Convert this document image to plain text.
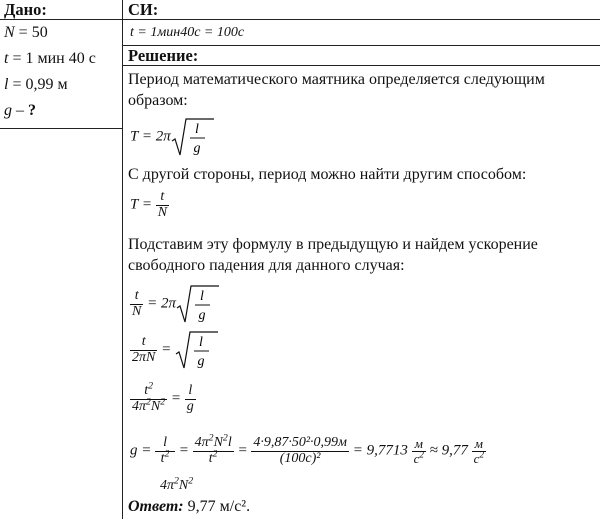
Дано:
N = 50
t = 1 мин 40 с
l = 0,99 м
g – ?
СИ:
t = 1мин40с = 100с
Решение:
Период математического маятника определяется следующим
образом:
T = 2π l
g
С другой стороны, период можно найти другим способом:
$T = \frac{t}{N}$
Подставим эту формулу в предыдущую и найдем ускорение
свободного падения для данного случая:
$\frac{t}{N} = 2\pi$ l
g
$\frac{t}{2\pi N} = l$
g
$\frac{t^2}{4\pi^2N^2} = \frac{l}{g}$
$g = \frac{l}{t^2} = \frac{4\pi^2N^2l}{t^2} = \frac{\text{4·9,87·50²·0,99м}}{\text{(100с)²}} = 9,7713 \frac{м}{с^2} \approx 9,77 \frac{м}{с^2}$
$4\pi^2N^2$
Ответ: 9,77 м/с².
